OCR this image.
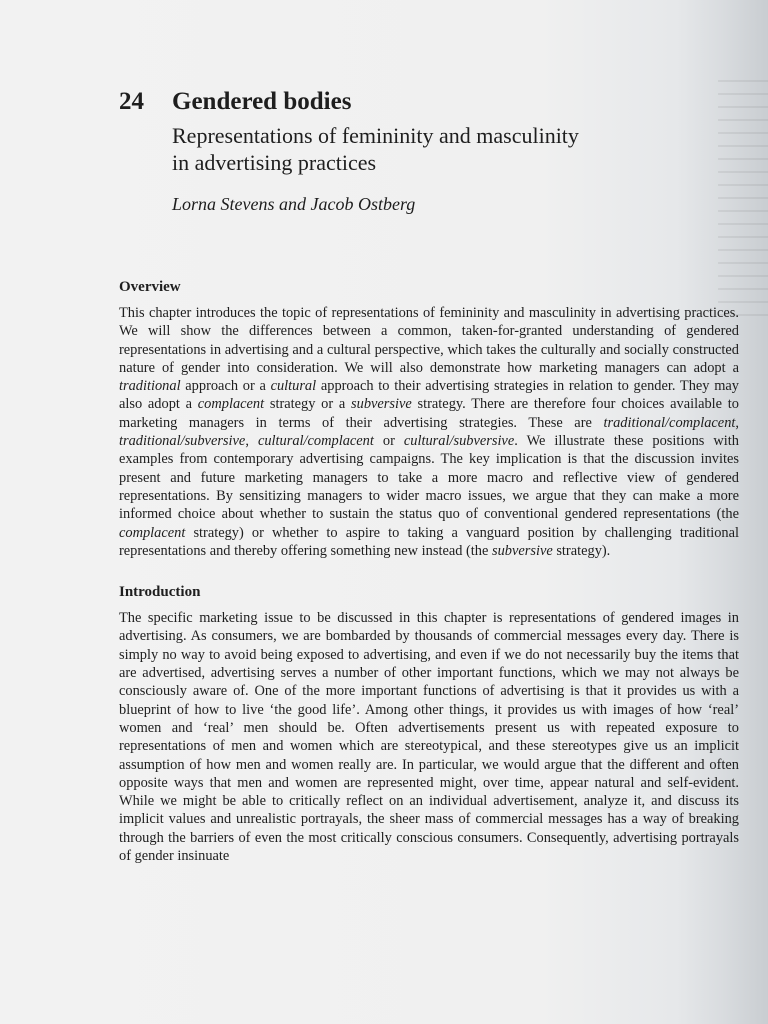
24	Gendered bodies
Representations of femininity and masculinity in advertising practices
Lorna Stevens and Jacob Ostberg
Overview

This chapter introduces the topic of representations of femininity and masculinity in advertising practices. We will show the differences between a common, taken-for-granted understanding of gendered representations in advertising and a cultural perspective, which takes the culturally and socially constructed nature of gender into consideration. We will also demonstrate how marketing managers can adopt a traditional approach or a cultural approach to their advertising strategies in relation to gender. They may also adopt a complacent strategy or a subversive strategy. There are therefore four choices available to marketing managers in terms of their advertising strategies. These are traditional/complacent, traditional/subversive, cultural/complacent or cultural/subversive. We illustrate these positions with examples from contemporary advertising campaigns. The key implication is that the discussion invites present and future marketing managers to take a more macro and reflective view of gendered representations. By sensitizing managers to wider macro issues, we argue that they can make a more informed choice about whether to sustain the status quo of conventional gendered representations (the complacent strategy) or whether to aspire to taking a vanguard position by challenging traditional representations and thereby offering something new instead (the subversive strategy).

Introduction

The specific marketing issue to be discussed in this chapter is representations of gendered images in advertising. As consumers, we are bombarded by thousands of commercial messages every day. There is simply no way to avoid being exposed to advertising, and even if we do not necessarily buy the items that are advertised, advertising serves a number of other important functions, which we may not always be consciously aware of. One of the more important functions of advertising is that it provides us with a blueprint of how to live ‘the good life’. Among other things, it provides us with images of how ‘real’ women and ‘real’ men should be. Often advertisements present us with repeated exposure to representations of men and women which are stereotypical, and these stereotypes give us an implicit assumption of how men and women really are. In particular, we would argue that the different and often opposite ways that men and women are represented might, over time, appear natural and self-evident. While we might be able to critically reflect on an individual advertisement, analyze it, and discuss its implicit values and unrealistic portrayals, the sheer mass of commercial messages has a way of breaking through the barriers of even the most critically conscious consumers. Consequently, advertising portrayals of gender insinuate
